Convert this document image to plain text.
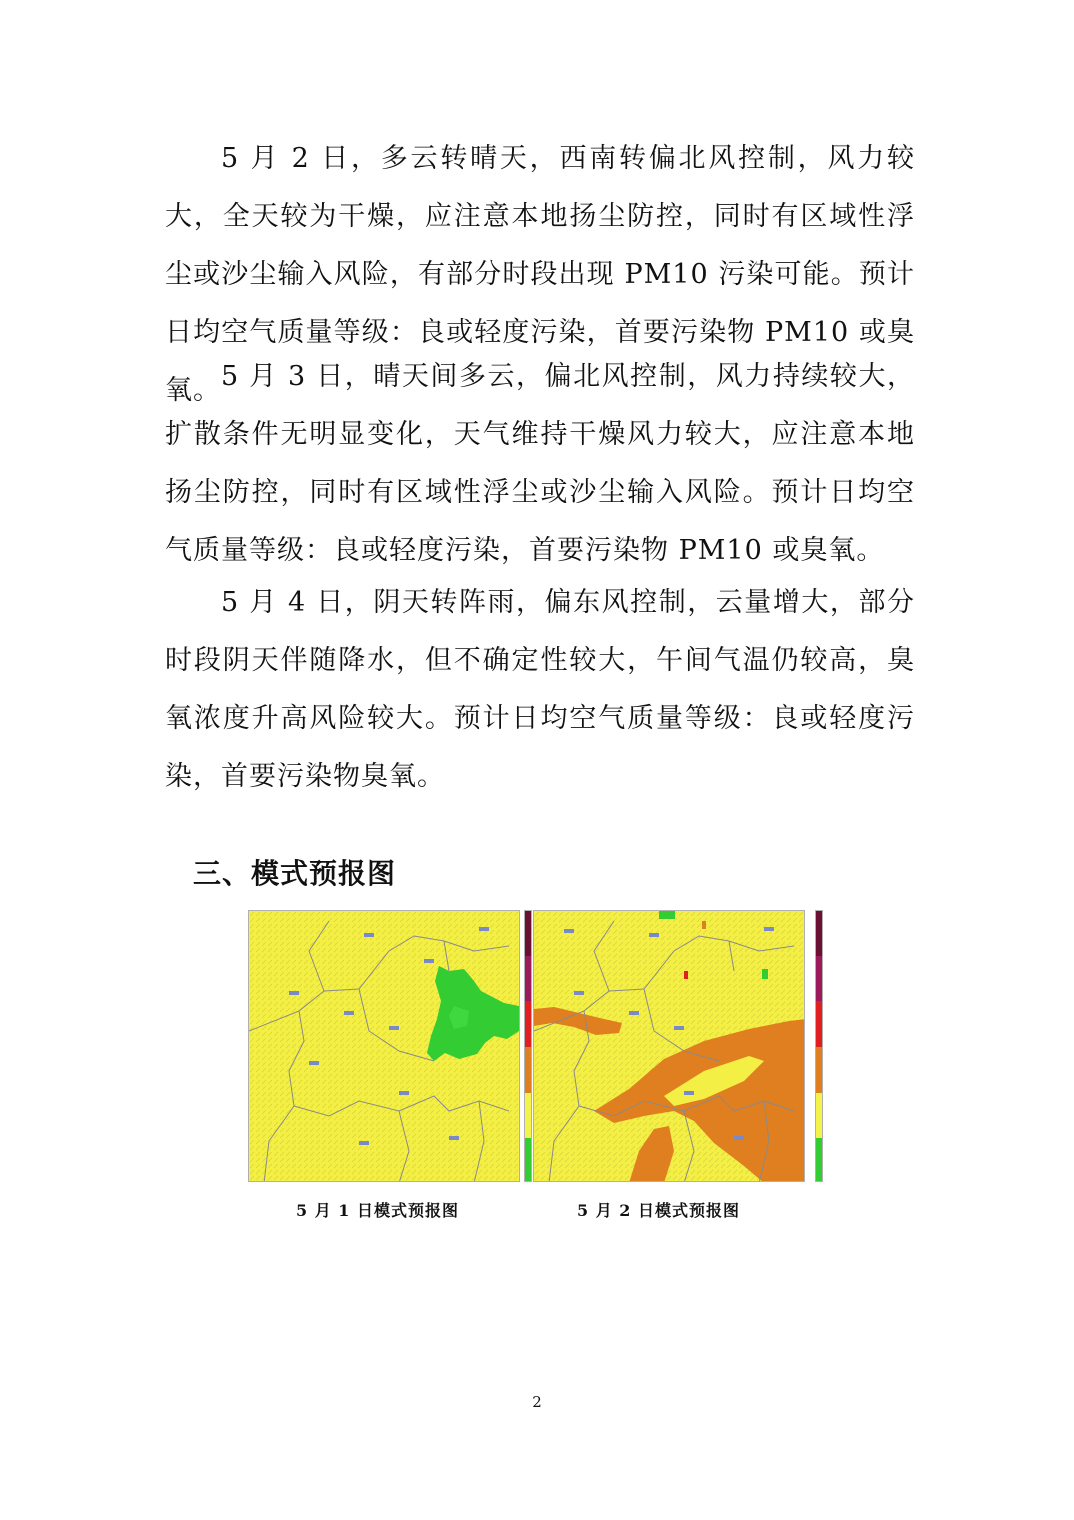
5 月 2 日，多云转晴天，西南转偏北风控制，风力较大，全天较为干燥，应注意本地扬尘防控，同时有区域性浮尘或沙尘输入风险，有部分时段出现 PM10 污染可能。预计日均空气质量等级：良或轻度污染，首要污染物 PM10 或臭氧。 5 月 3 日，晴天间多云，偏北风控制，风力持续较大，扩散条件无明显变化，天气维持干燥风力较大，应注意本地扬尘防控，同时有区域性浮尘或沙尘输入风险。预计日均空气质量等级：良或轻度污染，首要污染物 PM10 或臭氧。

5 月 4 日，阴天转阵雨，偏东风控制，云量增大，部分时段阴天伴随降水，但不确定性较大，午间气温仍较高，臭氧浓度升高风险较大。预计日均空气质量等级：良或轻度污染，首要污染物臭氧。

三、模式预报图
5 月 1 日模式预报图	5 月 2 日模式预报图
2
